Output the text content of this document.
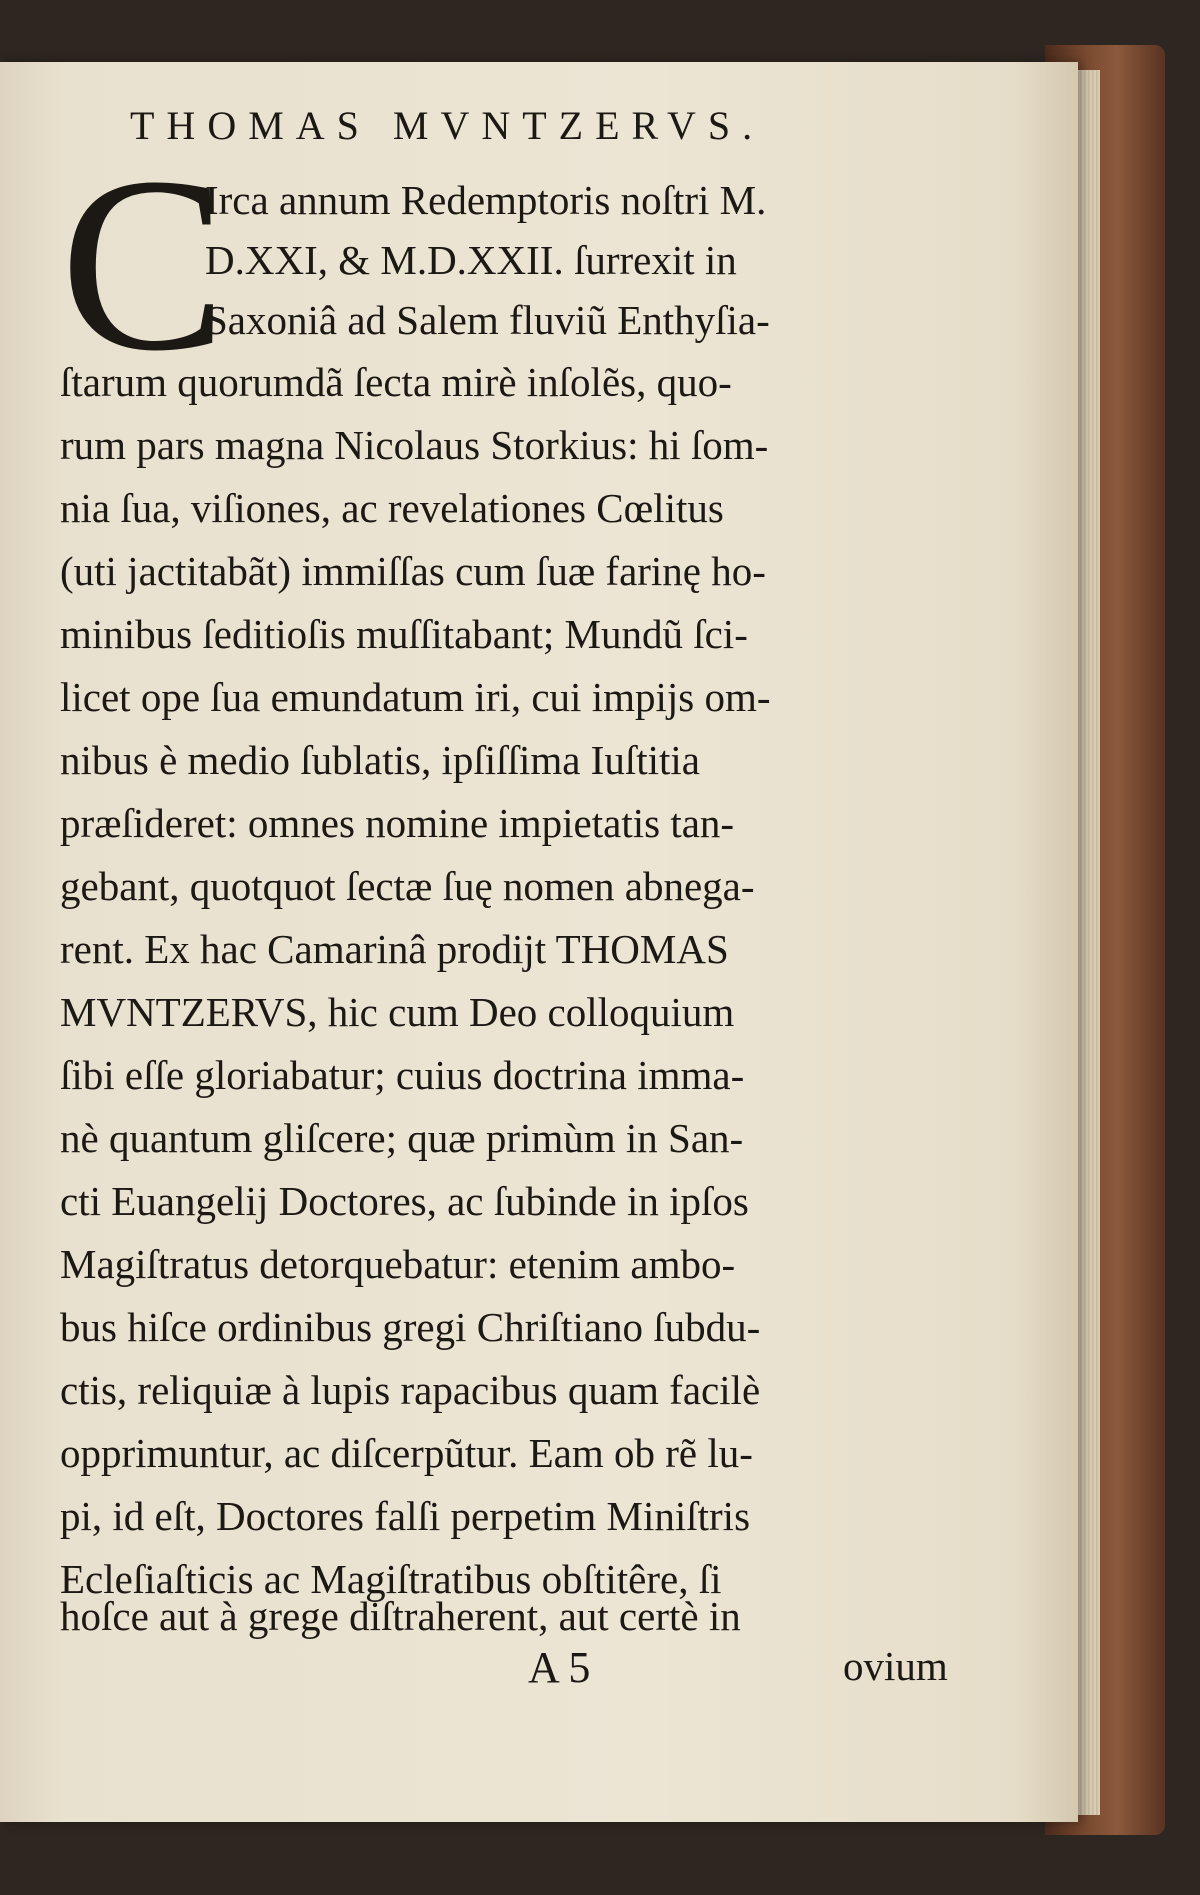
THOMAS MVNTZERVS.
C
Irca annum Redemptoris noſtri M.
D.XXI, & M.D.XXII. ſurrexit in
Saxoniâ ad Salem fluviũ Enthyſia-
ſtarum quorumdã ſecta mirè inſolẽs, quo-
rum pars magna Nicolaus Storkius: hi ſom-
nia ſua, viſiones, ac revelationes Cœlitus
(uti jactitabãt) immiſſas cum ſuæ farinę ho-
minibus ſeditioſis muſſitabant; Mundũ ſci-
licet ope ſua emundatum iri, cui impijs om-
nibus è medio ſublatis, ipſiſſima Iuſtitia
præſideret: omnes nomine impietatis tan-
gebant, quotquot ſectæ ſuę nomen abnega-
rent. Ex hac Camarinâ prodijt THOMAS
MVNTZERVS, hic cum Deo colloquium
ſibi eſſe gloriabatur; cuius doctrina imma-
nè quantum gliſcere; quæ primùm in San-
cti Euangelij Doctores, ac ſubinde in ipſos
Magiſtratus detorquebatur: etenim ambo-
bus hiſce ordinibus gregi Chriſtiano ſubdu-
ctis, reliquiæ à lupis rapacibus quam facilè
opprimuntur, ac diſcerpũtur. Eam ob rẽ lu-
pi, id eſt, Doctores falſi perpetim Miniſtris
Ecleſiaſticis ac Magiſtratibus obſtitêre, ſi
hoſce aut à grege diſtraherent, aut certè in
A 5	ovium
